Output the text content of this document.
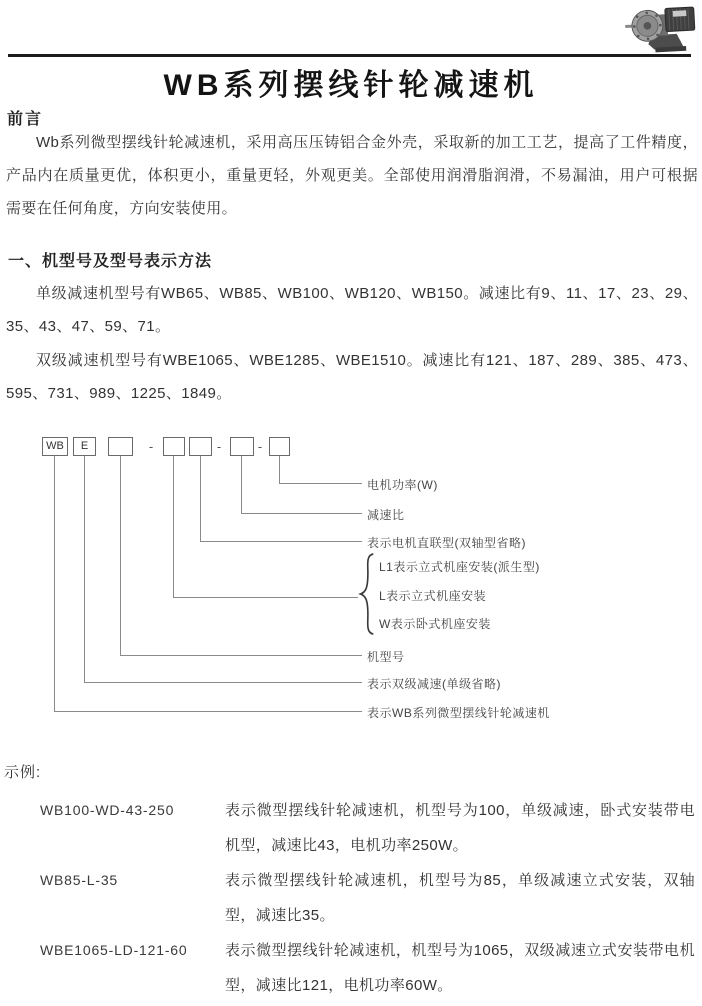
WB系列摆线针轮减速机
前言
Wb系列微型摆线针轮减速机，采用高压压铸铝合金外壳，采取新的加工工艺，提高了工件精度，产品内在质量更优，体积更小，重量更轻，外观更美。全部使用润滑脂润滑，不易漏油，用户可根据需要在任何角度，方向安装使用。
一、机型号及型号表示方法
单级减速机型号有WB65、WB85、WB100、WB120、WB150。减速比有9、11、17、23、29、35、43、47、59、71。
双级减速机型号有WBE1065、WBE1285、WBE1510。减速比有121、187、289、385、473、595、731、989、1225、1849。
WB	E	-	-	-
电机功率(W)
减速比
表示电机直联型(双轴型省略)
L1表示立式机座安装(派生型)
L表示立式机座安装
W表示卧式机座安装
机型号
表示双级减速(单级省略)
表示WB系列微型摆线针轮减速机
示例:
WB100-WD-43-250	表示微型摆线针轮减速机，机型号为100，单级减速，卧式安装带电机型，减速比43，电机功率250W。
WB85-L-35	表示微型摆线针轮减速机，机型号为85，单级减速立式安装，双轴型，减速比35。
WBE1065-LD-121-60	表示微型摆线针轮减速机，机型号为1065，双级减速立式安装带电机型，减速比121，电机功率60W。
